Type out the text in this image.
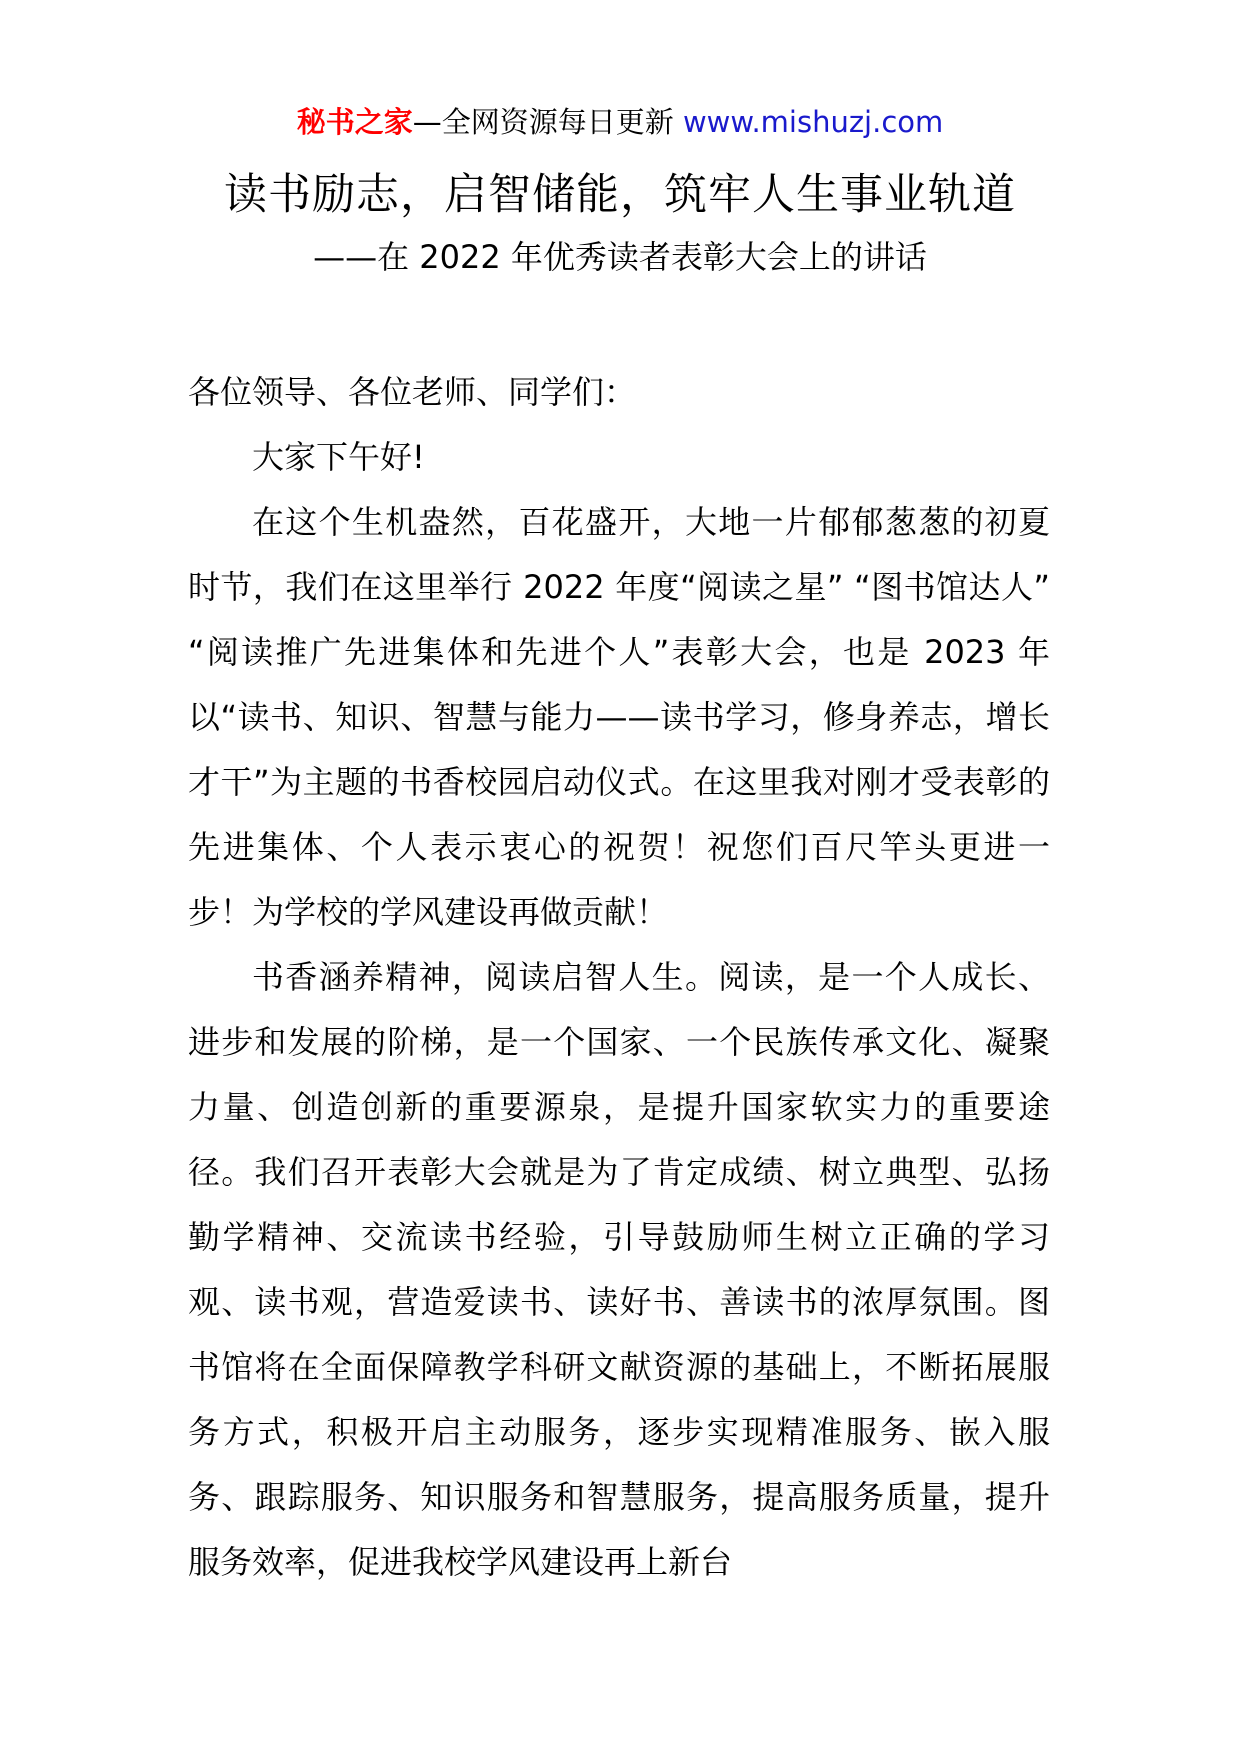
秘书之家—全网资源每日更新 www.mishuzj.com
读书励志，启智储能，筑牢人生事业轨道
——在 2022 年优秀读者表彰大会上的讲话

各位领导、各位老师、同学们：

大家下午好!

在这个生机盎然，百花盛开，大地一片郁郁葱葱的初夏时节，我们在这里举行 2022 年度“阅读之星” “图书馆达人” “阅读推广先进集体和先进个人”表彰大会，也是 2023 年以“读书、知识、智慧与能力——读书学习，修身养志，增长才干”为主题的书香校园启动仪式。在这里我对刚才受表彰的先进集体、个人表示衷心的祝贺！祝您们百尺竿头更进一步！为学校的学风建设再做贡献！

书香涵养精神，阅读启智人生。阅读，是一个人成长、进步和发展的阶梯，是一个国家、一个民族传承文化、凝聚力量、创造创新的重要源泉，是提升国家软实力的重要途径。我们召开表彰大会就是为了肯定成绩、树立典型、弘扬勤学精神、交流读书经验，引导鼓励师生树立正确的学习观、读书观，营造爱读书、读好书、善读书的浓厚氛围。图书馆将在全面保障教学科研文献资源的基础上，不断拓展服务方式，积极开启主动服务，逐步实现精准服务、嵌入服务、跟踪服务、知识服务和智慧服务，提高服务质量，提升服务效率，促进我校学风建设再上新台
